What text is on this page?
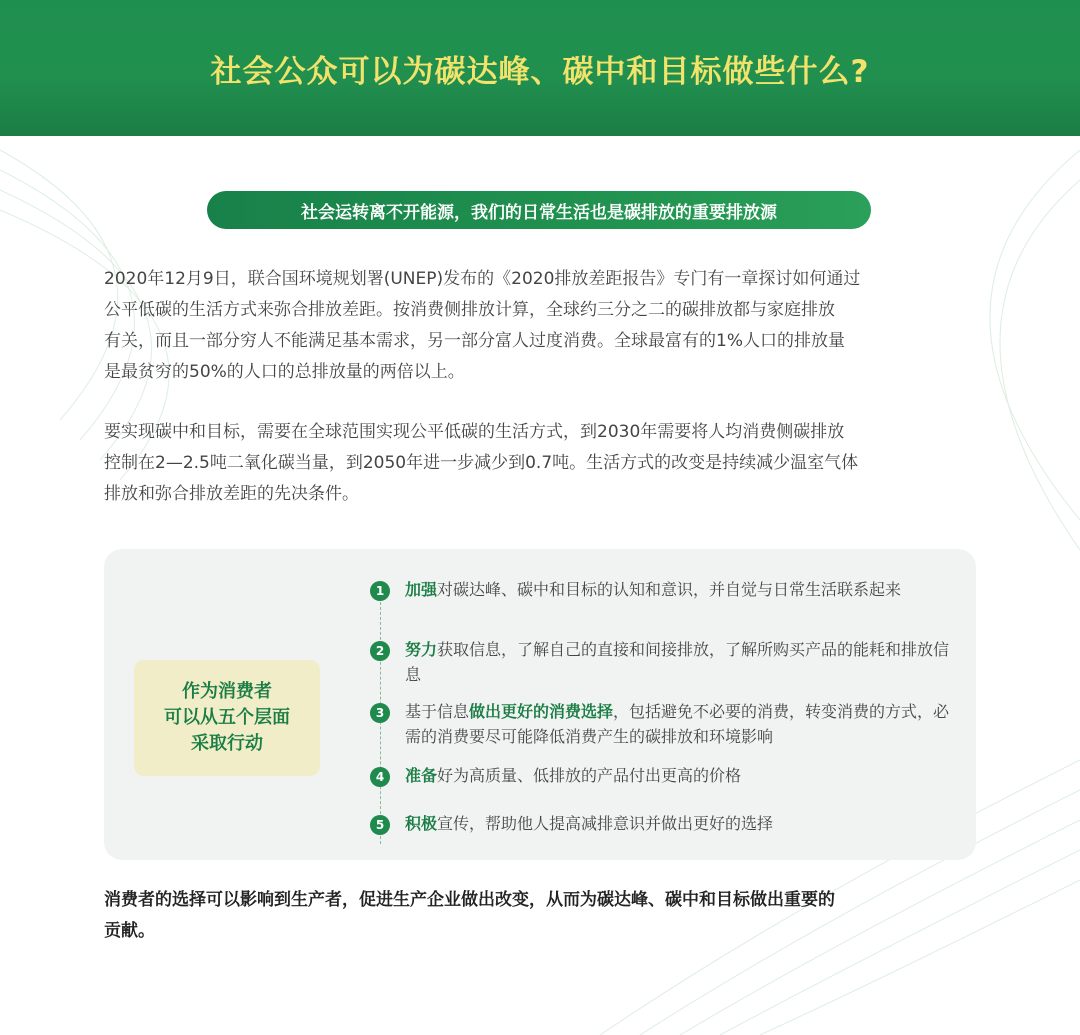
社会公众可以为碳达峰、碳中和目标做些什么?
社会运转离不开能源，我们的日常生活也是碳排放的重要排放源
2020年12月9日，联合国环境规划署(UNEP)发布的《2020排放差距报告》专门有一章探讨如何通过
公平低碳的生活方式来弥合排放差距。按消费侧排放计算，全球约三分之二的碳排放都与家庭排放
有关，而且一部分穷人不能满足基本需求，另一部分富人过度消费。全球最富有的1%人口的排放量
是最贫穷的50%的人口的总排放量的两倍以上。
要实现碳中和目标，需要在全球范围实现公平低碳的生活方式，到2030年需要将人均消费侧碳排放
控制在2—2.5吨二氧化碳当量，到2050年进一步减少到0.7吨。生活方式的改变是持续减少温室气体
排放和弥合排放差距的先决条件。
作为消费者
可以从五个层面
采取行动
1	加强对碳达峰、碳中和目标的认知和意识，并自觉与日常生活联系起来
2	努力获取信息，了解自己的直接和间接排放，了解所购买产品的能耗和排放信息
3	基于信息做出更好的消费选择，包括避免不必要的消费，转变消费的方式，必需的消费要尽可能降低消费产生的碳排放和环境影响
4	准备好为高质量、低排放的产品付出更高的价格
5	积极宣传，帮助他人提高减排意识并做出更好的选择
消费者的选择可以影响到生产者，促进生产企业做出改变，从而为碳达峰、碳中和目标做出重要的
贡献。
